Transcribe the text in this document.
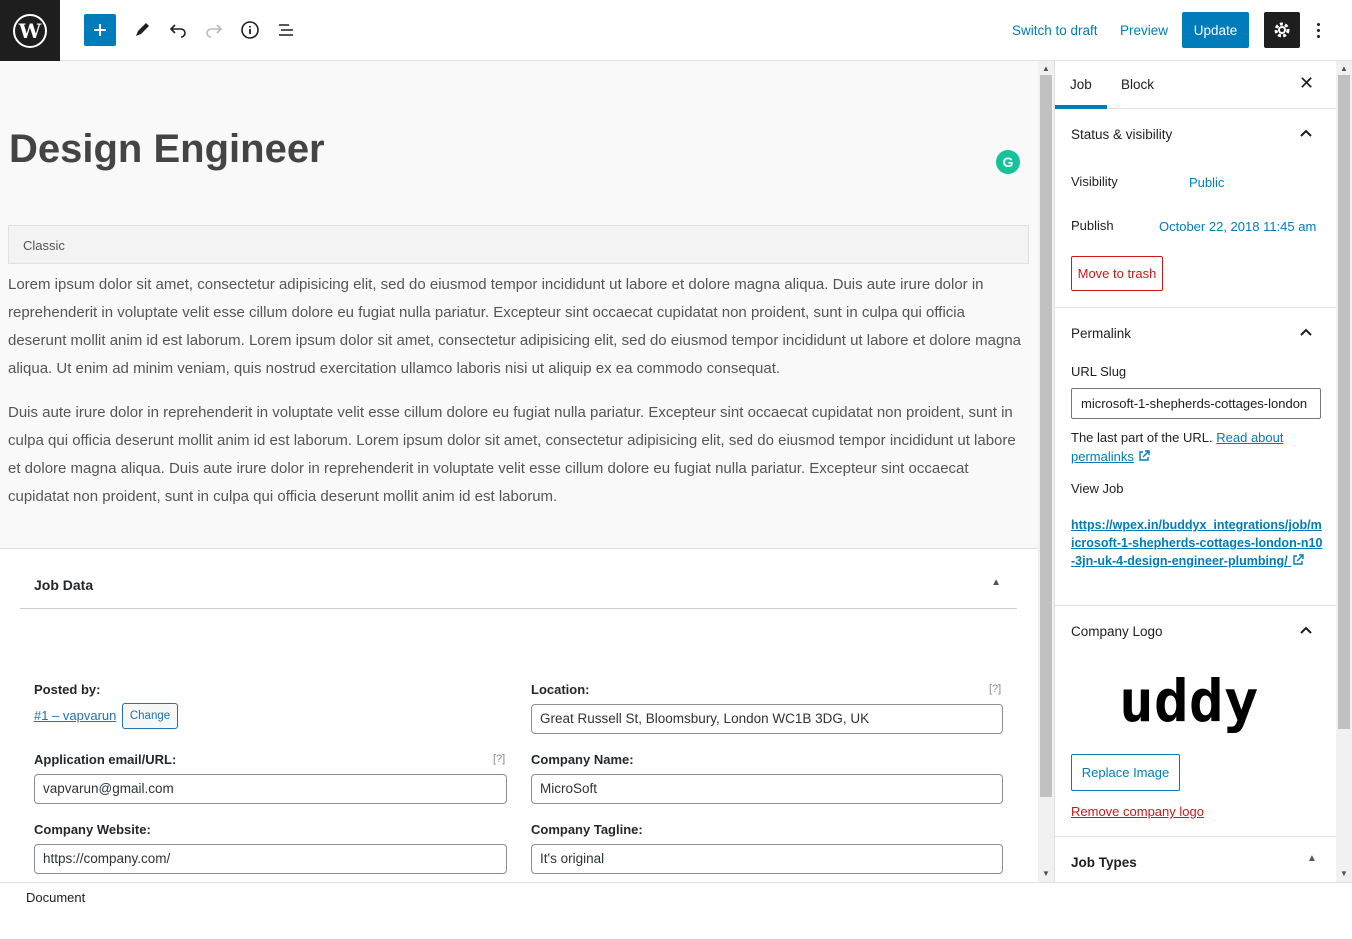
W	Switch to draft Preview	Update
Design Engineer	G
Classic
Lorem ipsum dolor sit amet, consectetur adipisicing elit, sed do eiusmod tempor incididunt ut labore et dolore magna aliqua. Duis aute irure dolor in reprehenderit in voluptate velit esse cillum dolore eu fugiat nulla pariatur. Excepteur sint occaecat cupidatat non proident, sunt in culpa qui officia deserunt mollit anim id est laborum. Lorem ipsum dolor sit amet, consectetur adipisicing elit, sed do eiusmod tempor incididunt ut labore et dolore magna aliqua. Ut enim ad minim veniam, quis nostrud exercitation ullamco laboris nisi ut aliquip ex ea commodo consequat.
Duis aute irure dolor in reprehenderit in voluptate velit esse cillum dolore eu fugiat nulla pariatur. Excepteur sint occaecat cupidatat non proident, sunt in culpa qui officia deserunt mollit anim id est laborum. Lorem ipsum dolor sit amet, consectetur adipisicing elit, sed do eiusmod tempor incididunt ut labore et dolore magna aliqua. Duis aute irure dolor in reprehenderit in voluptate velit esse cillum dolore eu fugiat nulla pariatur. Excepteur sint occaecat cupidatat non proident, sunt in culpa qui officia deserunt mollit anim id est laborum.
Job Data	▲
Posted by:
#1 – vapvarun	Change
Location:	[?]
Great Russell St, Bloomsbury, London WC1B 3DG, UK
Application email/URL:	[?]
vapvarun@gmail.com
Company Name:
MicroSoft
Company Website:
https://company.com/
Company Tagline:
It's original
▲
▼
Job Block	✕
Status & visibility
Visibility	Public
Publish	October 22, 2018 11:45 am
Move to trash
Permalink
URL Slug
microsoft-1-shepherds-cottages-london
The last part of the URL. Read about permalinks
View Job
https://wpex.in/buddyx_integrations/job/microsoft-1-shepherds-cottages-london-n10-3jn-uk-4-design-engineer-plumbing/
Company Logo
uddy
Replace Image
Remove company logo
Job Types	▲
▲
▼
Document
